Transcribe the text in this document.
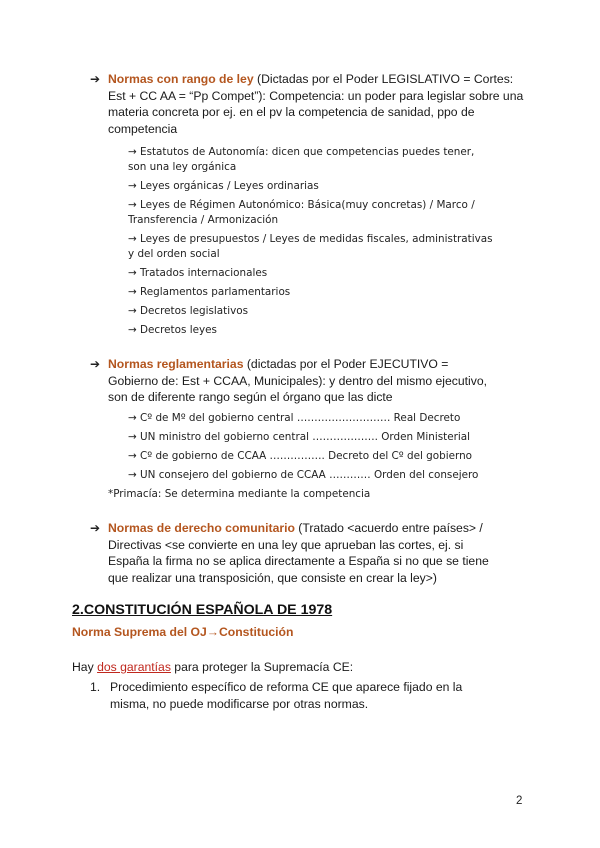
➔ Normas con rango de ley (Dictadas por el Poder LEGISLATIVO = Cortes:
Est + CC AA = “Pp Compet”): Competencia: un poder para legislar sobre una
materia concreta por ej. en el pv la competencia de sanidad, ppo de
competencia
→ Estatutos de Autonomía: dicen que competencias puedes tener,
son una ley orgánica
→ Leyes orgánicas / Leyes ordinarias
→ Leyes de Régimen Autonómico: Básica(muy concretas) / Marco /
Transferencia / Armonización
→ Leyes de presupuestos / Leyes de medidas fiscales, administrativas
y del orden social
→ Tratados internacionales
→ Reglamentos parlamentarios
→ Decretos legislativos
→ Decretos leyes
➔ Normas reglamentarias (dictadas por el Poder EJECUTIVO =
Gobierno de: Est + CCAA, Municipales): y dentro del mismo ejecutivo,
son de diferente rango según el órgano que las dicte
→ Cº de Mº del gobierno central ……………………… Real Decreto
→ UN ministro del gobierno central ………………. Orden Ministerial
→ Cº de gobierno de CCAA ……………. Decreto del Cº del gobierno
→ UN consejero del gobierno de CCAA ………… Orden del consejero
*Primacía: Se determina mediante la competencia
➔ Normas de derecho comunitario (Tratado <acuerdo entre países> /
Directivas <se convierte en una ley que aprueban las cortes, ej. si
España la firma no se aplica directamente a España si no que se tiene
que realizar una transposición, que consiste en crear la ley>)
2.CONSTITUCIÓN ESPAÑOLA DE 1978
Norma Suprema del OJ→Constitución
Hay dos garantías para proteger la Supremacía CE:
1. Procedimiento específico de reforma CE que aparece fijado en la
misma, no puede modificarse por otras normas.
2
